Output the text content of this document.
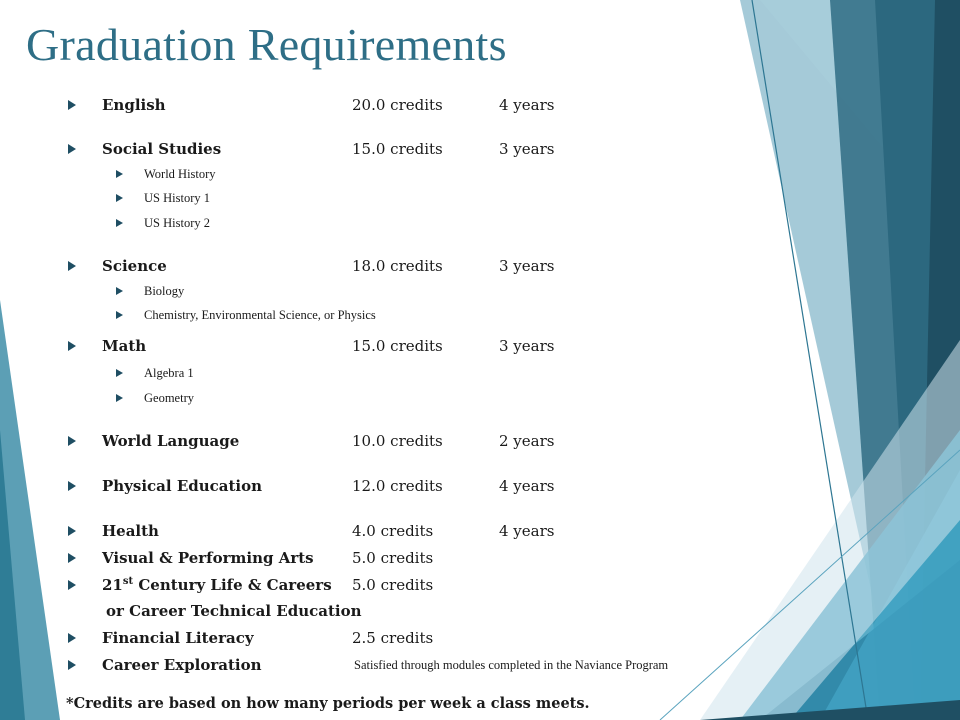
Graduation Requirements
English	20.0 credits	4 years
Social Studies	15.0 credits	3 years
World History
US History 1
US History 2
Science	18.0 credits	3 years
Biology
Chemistry, Environmental Science, or Physics
Math	15.0 credits	3 years
Algebra 1
Geometry
World Language	10.0 credits	2 years
Physical Education	12.0 credits	4 years
Health	4.0 credits	4 years
Visual & Performing Arts	5.0 credits
21st Century Life & Careers 5.0 credits
or Career Technical Education
Financial Literacy	2.5 credits
Career Exploration	Satisfied through modules completed in the Naviance Program
*Credits are based on how many periods per week a class meets.
